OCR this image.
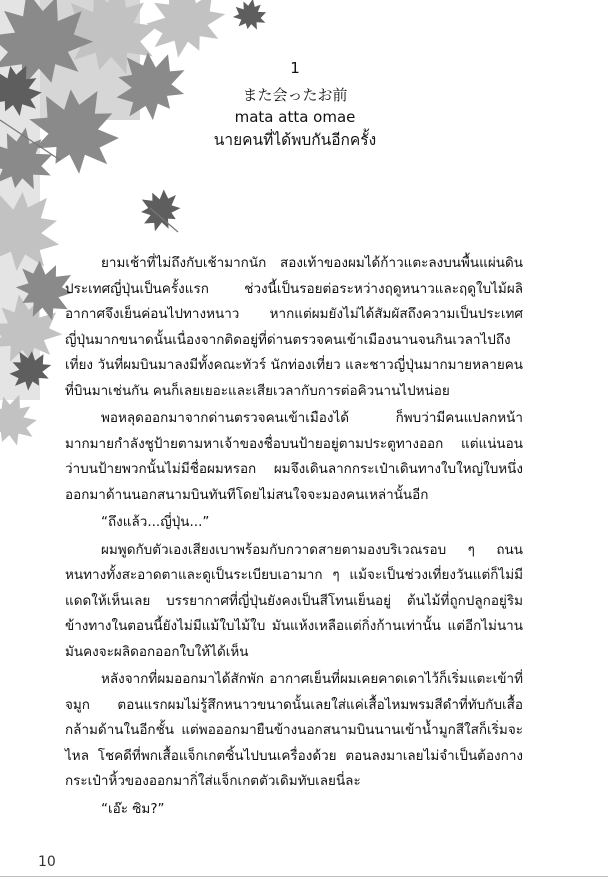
1
また会ったお前
mata atta omae
นายคนที่ได้พบกันอีกครั้ง

ยามเช้าที่ไม่ถึงกับเช้ามากนัก สองเท้าของผมได้ก้าวแตะลงบนพื้นแผ่นดินประเทศญี่ปุ่นเป็นครั้งแรก ช่วงนี้เป็นรอยต่อระหว่างฤดูหนาวและฤดูใบไม้ผลิ อากาศจึงเย็นค่อนไปทางหนาว หากแต่ผมยังไม่ได้สัมผัสถึงความเป็นประเทศญี่ปุ่นมากขนาดนั้นเนื่องจากติดอยู่ที่ด่านตรวจคนเข้าเมืองนานจนกินเวลาไปถึงเที่ยง วันที่ผมบินมาลงมีทั้งคณะทัวร์ นักท่องเที่ยว และชาวญี่ปุ่นมากมายหลายคนที่บินมาเช่นกัน คนก็เลยเยอะและเสียเวลากับการต่อคิวนานไปหน่อย

พอหลุดออกมาจากด่านตรวจคนเข้าเมืองได้ ก็พบว่ามีคนแปลกหน้ามากมายกำลังชูป้ายตามหาเจ้าของชื่อบนป้ายอยู่ตามประตูทางออก แต่แน่นอนว่าบนป้ายพวกนั้นไม่มีชื่อผมหรอก ผมจึงเดินลากกระเป๋าเดินทางใบใหญ่ใบหนึ่งออกมาด้านนอกสนามบินทันทีโดยไม่สนใจจะมองคนเหล่านั้นอีก

“ถึงแล้ว...ญี่ปุ่น...”

ผมพูดกับตัวเองเสียงเบาพร้อมกับกวาดสายตามองบริเวณรอบ ๆ ถนนหนทางทั้งสะอาดตาและดูเป็นระเบียบเอามาก ๆ แม้จะเป็นช่วงเที่ยงวันแต่ก็ไม่มีแดดให้เห็นเลย บรรยากาศที่ญี่ปุ่นยังคงเป็นสีโทนเย็นอยู่ ต้นไม้ที่ถูกปลูกอยู่ริมข้างทางในตอนนี้ยังไม่มีแม้ใบไม้ใบ มันแห้งเหลือแต่กิ่งก้านเท่านั้น แต่อีกไม่นานมันคงจะผลิดอกออกใบให้ได้เห็น

หลังจากที่ผมออกมาได้สักพัก อากาศเย็นที่ผมเคยคาดเดาไว้ก็เริ่มแตะเข้าที่จมูก ตอนแรกผมไม่รู้สึกหนาวขนาดนั้นเลยใส่แค่เสื้อไหมพรมสีดำที่ทับกับเสื้อกล้ามด้านในอีกชั้น แต่พอออกมายืนข้างนอกสนามบินนานเข้าน้ำมูกสีใสก็เริ่มจะไหล โชคดีที่พกเสื้อแจ็กเกตซิ้นไปบนเครื่องด้วย ตอนลงมาเลยไม่จำเป็นต้องกางกระเป๋าหิ้วของออกมากิ่ใส่แจ็กเกตตัวเดิมทับเลยนี่ละ

“เอ๊ะ ซิม?”

10
